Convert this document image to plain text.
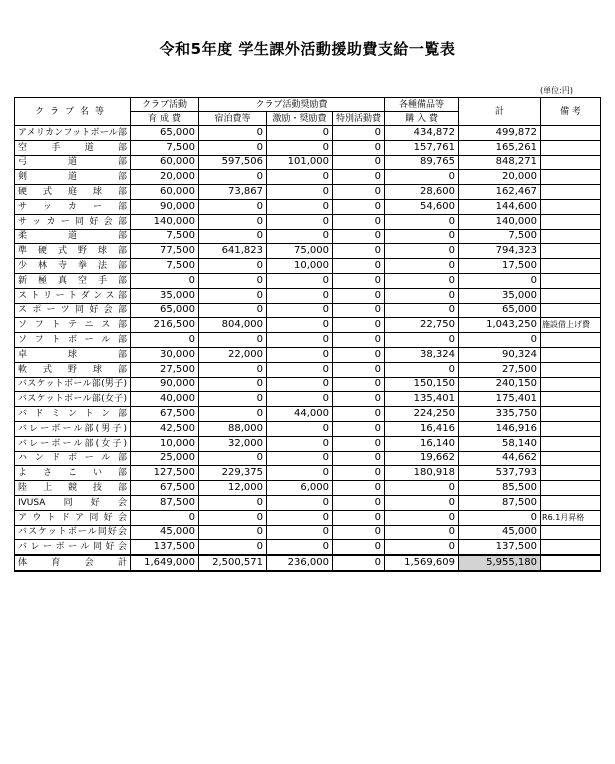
令和5年度 学生課外活動援助費支給一覧表
(単位:円)
クラブ名等	クラブ活動	クラブ活動奨励費			各種備品等	計	備 考
	育 成 費	宿泊費等	激励・奨励費	特別活動費	購 入 費		
アメリカンフットボール部	65,000	0	0	0	434,872	499,872	
空手道部	7,500	0	0	0	157,761	165,261	
弓道部	60,000	597,506	101,000	0	89,765	848,271	
剣道部	20,000	0	0	0	0	20,000	
硬式庭球部	60,000	73,867	0	0	28,600	162,467	
サッカー部	90,000	0	0	0	54,600	144,600	
サッカー同好会部	140,000	0	0	0	0	140,000	
柔道部	7,500	0	0	0	0	7,500	
準硬式野球部	77,500	641,823	75,000	0	0	794,323	
少林寺拳法部	7,500	0	10,000	0	0	17,500	
新極真空手部	0	0	0	0	0	0	
ストリートダンス部	35,000	0	0	0	0	35,000	
スポーツ同好会部	65,000	0	0	0	0	65,000	
ソフトテニス部	216,500	804,000	0	0	22,750	1,043,250	施設借上げ費
ソフトボール部	0	0	0	0	0	0	
卓球部	30,000	22,000	0	0	38,324	90,324	
軟式野球部	27,500	0	0	0	0	27,500	
バスケットボール部(男子)	90,000	0	0	0	150,150	240,150	
バスケットボール部(女子)	40,000	0	0	0	135,401	175,401	
バドミントン部	67,500	0	44,000	0	224,250	335,750	
バレーボール部(男子)	42,500	88,000	0	0	16,416	146,916	
バレーボール部(女子)	10,000	32,000	0	0	16,140	58,140	
ハンドボール部	25,000	0	0	0	19,662	44,662	
よさこい部	127,500	229,375	0	0	180,918	537,793	
陸上競技部	67,500	12,000	6,000	0	0	85,500	
IVUSA同好会	87,500	0	0	0	0	87,500	
アウトドア同好会	0	0	0	0	0	0	R6.1月昇格
バスケットボール同好会	45,000	0	0	0	0	45,000	
バレーボール同好会	137,500	0	0	0	0	137,500	
体育会計	1,649,000	2,500,571	236,000	0	1,569,609	5,955,180	
